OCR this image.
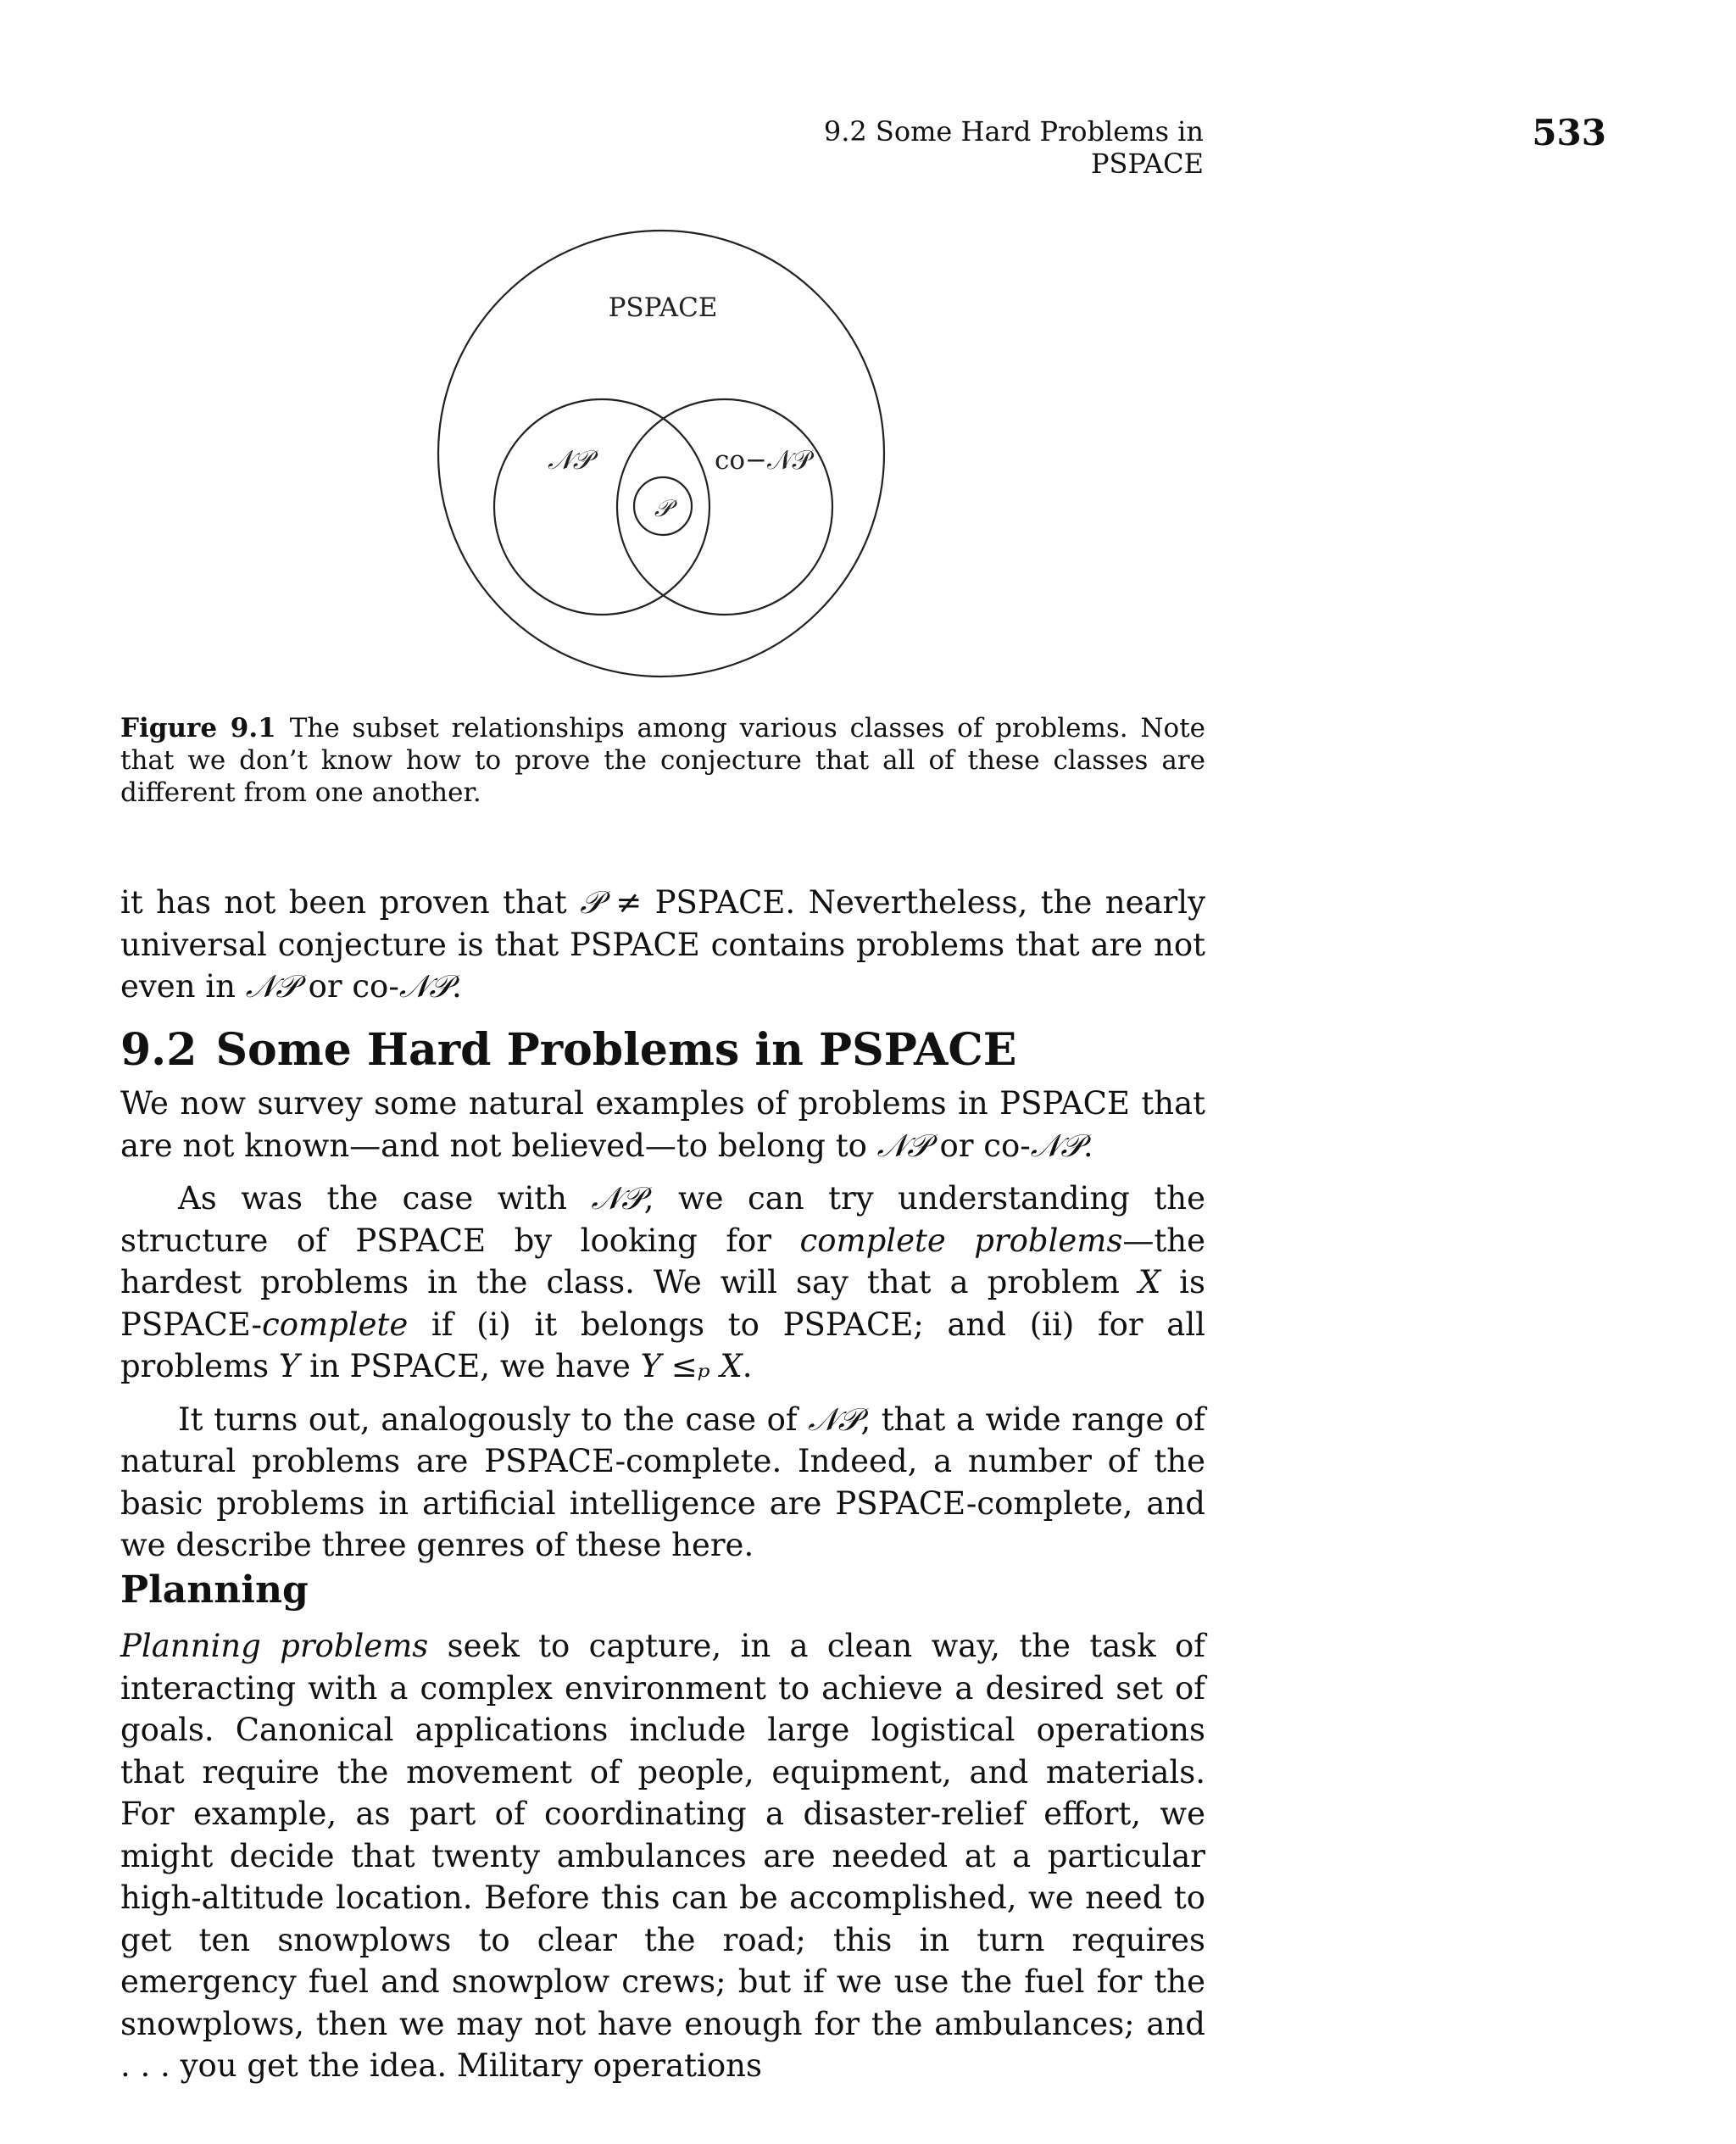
9.2 Some Hard Problems in PSPACE
533
PSPACE
𝒩𝒫	co−𝒩𝒫
𝒫
Figure 9.1 The subset relationships among various classes of problems. Note that we don’t know how to prove the conjecture that all of these classes are different from one another.

it has not been proven that 𝒫 ≠ PSPACE. Nevertheless, the nearly universal conjecture is that PSPACE contains problems that are not even in 𝒩𝒫 or co-𝒩𝒫.

9.2 Some Hard Problems in PSPACE

We now survey some natural examples of problems in PSPACE that are not known—and not believed—to belong to 𝒩𝒫 or co-𝒩𝒫.

As was the case with 𝒩𝒫, we can try understanding the structure of PSPACE by looking for complete problems—the hardest problems in the class. We will say that a problem X is PSPACE-complete if (i) it belongs to PSPACE; and (ii) for all problems Y in PSPACE, we have Y ≤ₚ X.

It turns out, analogously to the case of 𝒩𝒫, that a wide range of natural problems are PSPACE-complete. Indeed, a number of the basic problems in artificial intelligence are PSPACE-complete, and we describe three genres of these here.

Planning

Planning problems seek to capture, in a clean way, the task of interacting with a complex environment to achieve a desired set of goals. Canonical applications include large logistical operations that require the movement of people, equipment, and materials. For example, as part of coordinating a disaster-relief effort, we might decide that twenty ambulances are needed at a particular high-altitude location. Before this can be accomplished, we need to get ten snowplows to clear the road; this in turn requires emergency fuel and snowplow crews; but if we use the fuel for the snowplows, then we may not have enough for the ambulances; and . . . you get the idea. Military operations
